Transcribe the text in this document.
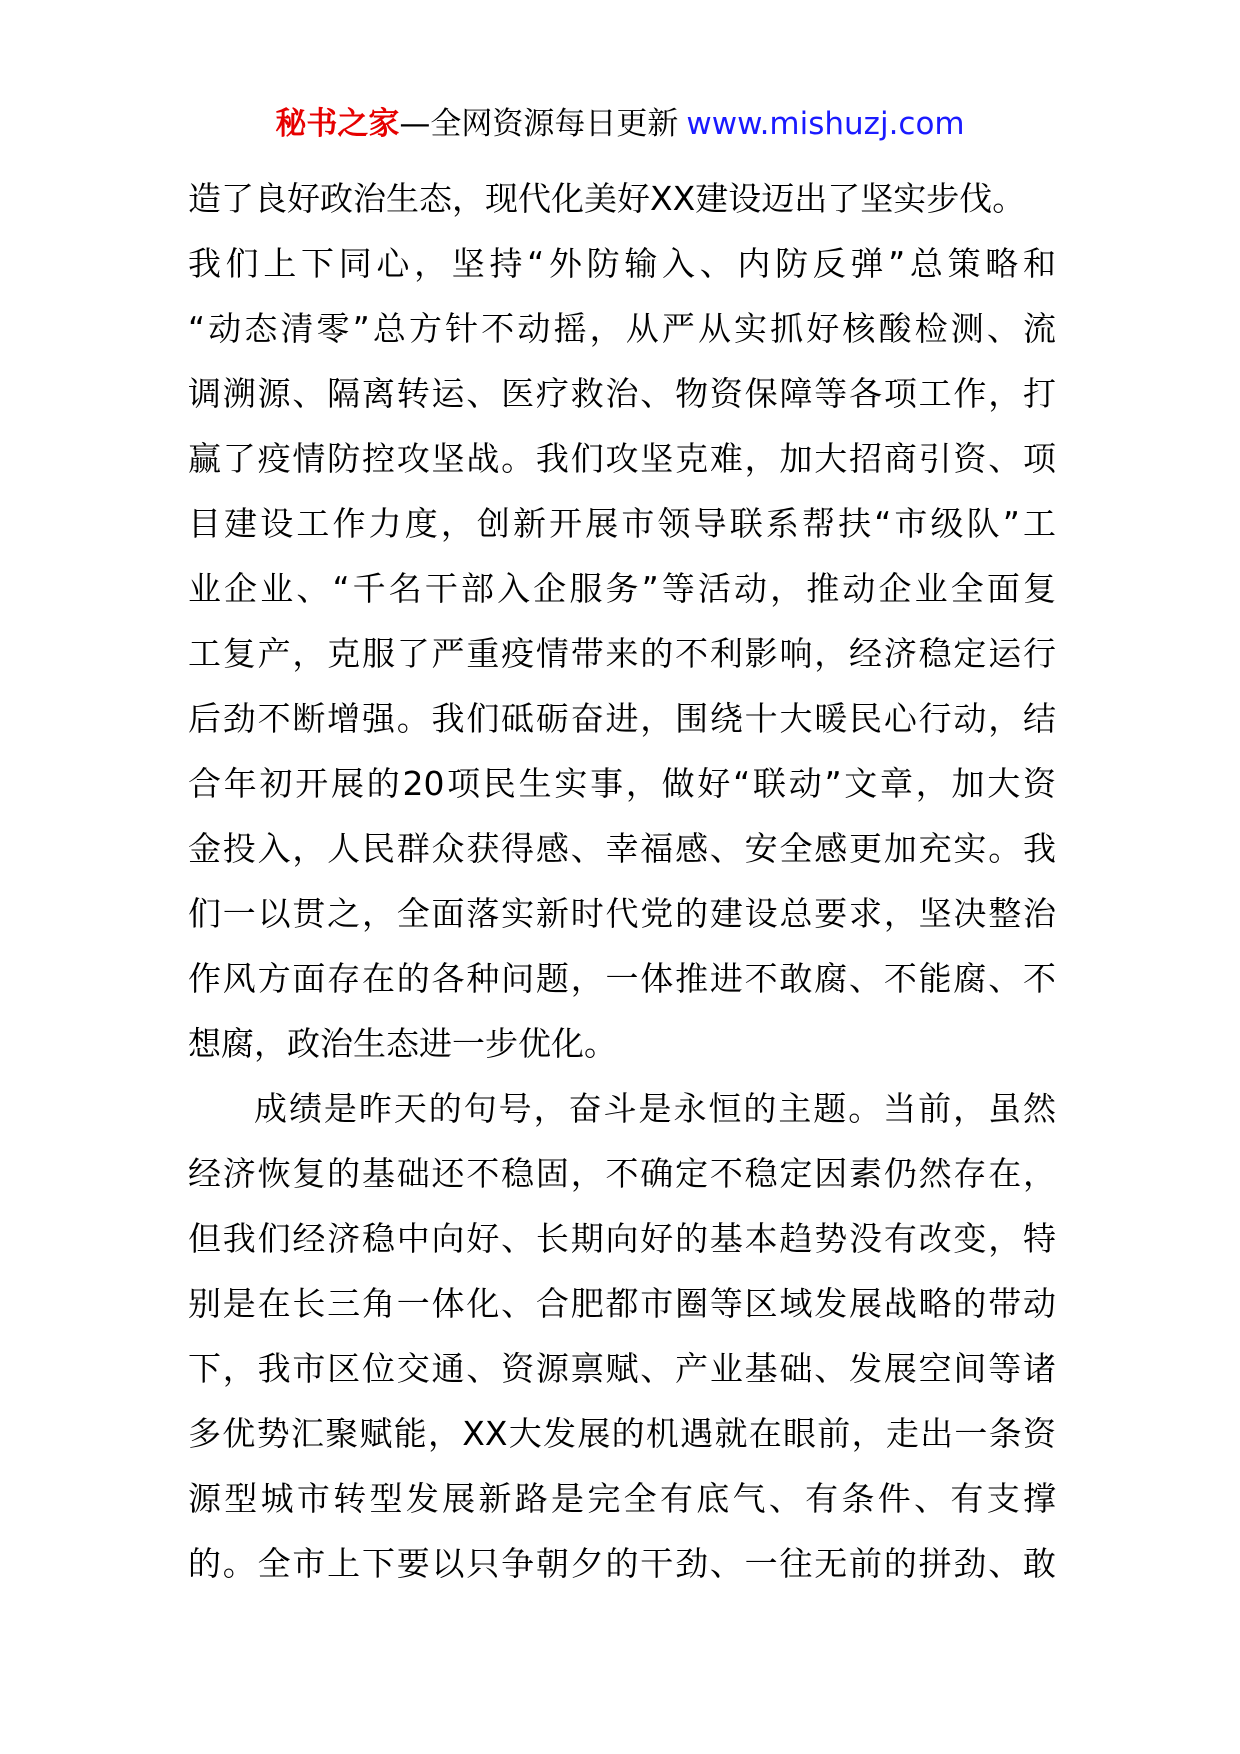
秘书之家—全网资源每日更新 www.mishuzj.com
造了良好政治生态，现代化美好XX建设迈出了坚实步伐。
我们上下同心，坚持“外防输入、内防反弹”总策略和
“动态清零”总方针不动摇，从严从实抓好核酸检测、流
调溯源、隔离转运、医疗救治、物资保障等各项工作，打
赢了疫情防控攻坚战。我们攻坚克难，加大招商引资、项
目建设工作力度，创新开展市领导联系帮扶“市级队”工
业企业、“千名干部入企服务”等活动，推动企业全面复
工复产，克服了严重疫情带来的不利影响，经济稳定运行
后劲不断增强。我们砥砺奋进，围绕十大暖民心行动，结
合年初开展的20项民生实事，做好“联动”文章，加大资
金投入，人民群众获得感、幸福感、安全感更加充实。我
们一以贯之，全面落实新时代党的建设总要求，坚决整治
作风方面存在的各种问题，一体推进不敢腐、不能腐、不
想腐，政治生态进一步优化。
成绩是昨天的句号，奋斗是永恒的主题。当前，虽然
经济恢复的基础还不稳固，不确定不稳定因素仍然存在，
但我们经济稳中向好、长期向好的基本趋势没有改变，特
别是在长三角一体化、合肥都市圈等区域发展战略的带动
下，我市区位交通、资源禀赋、产业基础、发展空间等诸
多优势汇聚赋能，XX大发展的机遇就在眼前，走出一条资
源型城市转型发展新路是完全有底气、有条件、有支撑
的。全市上下要以只争朝夕的干劲、一往无前的拼劲、敢
